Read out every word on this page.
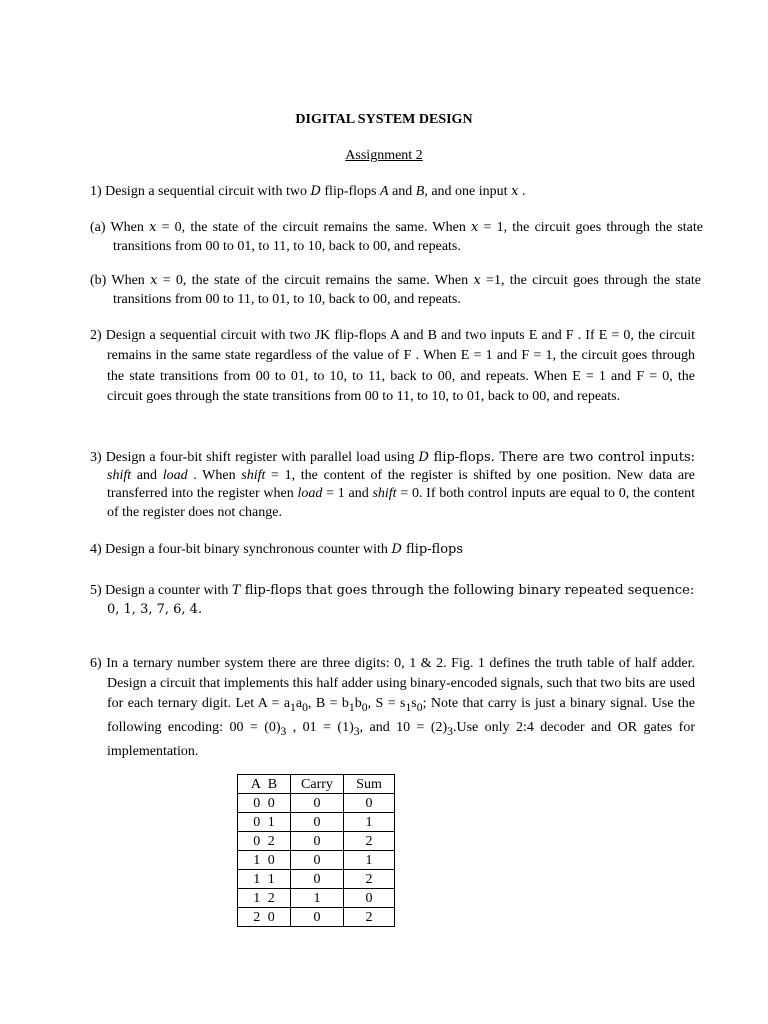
DIGITAL SYSTEM DESIGN
Assignment 2

1) Design a sequential circuit with two D flip-flops A and B, and one input x .

(a) When x = 0, the state of the circuit remains the same. When x = 1, the circuit goes through the state transitions from 00 to 01, to 11, to 10, back to 00, and repeats.

(b) When x = 0, the state of the circuit remains the same. When x =1, the circuit goes through the state transitions from 00 to 11, to 01, to 10, back to 00, and repeats.

2) Design a sequential circuit with two JK flip-flops A and B and two inputs E and F . If E = 0, the circuit remains in the same state regardless of the value of F . When E = 1 and F = 1, the circuit goes through the state transitions from 00 to 01, to 10, to 11, back to 00, and repeats. When E = 1 and F = 0, the circuit goes through the state transitions from 00 to 11, to 10, to 01, back to 00, and repeats.

3) Design a four-bit shift register with parallel load using D flip-flops. There are two control inputs: shift and load . When shift = 1, the content of the register is shifted by one position. New data are transferred into the register when load = 1 and shift = 0. If both control inputs are equal to 0, the content of the register does not change.

4) Design a four-bit binary synchronous counter with D flip-flops

5) Design a counter with T flip-flops that goes through the following binary repeated sequence: 0, 1, 3, 7, 6, 4.

6) In a ternary number system there are three digits: 0, 1 & 2. Fig. 1 defines the truth table of half adder. Design a circuit that implements this half adder using binary-encoded signals, such that two bits are used for each ternary digit. Let $A = a_1a_0$, $B = b_1b_0$, $S = s_1s_0$; Note that carry is just a binary signal. Use the following encoding: $00 = (0)_3$ , $01 = (1)_3$, and $10 = (2)_3.Use$ only 2:4 decoder and OR gates for implementation.

A B	Carry	Sum
0 0	0	0
0 1	0	1
0 2	0	2
1 0	0	1
1 1	0	2
1 2	1	0
2 0	0	2
